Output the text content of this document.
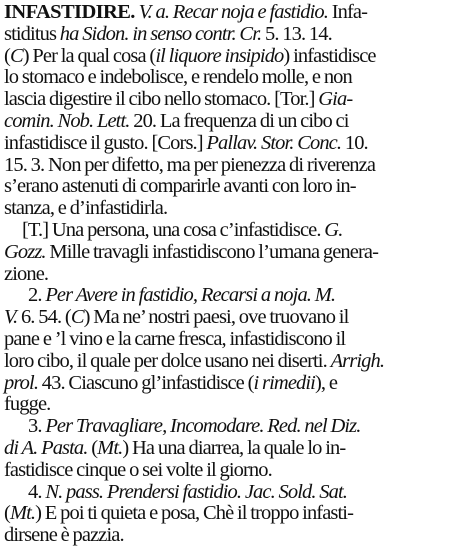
INFASTIDIRE. V. a. Recar noja e fastidio. Infa-
stiditus ha Sidon. in senso contr. Cr. 5. 13. 14.
(C) Per la qual cosa (il liquore insipido) infastidisce
lo stomaco e indebolisce, e rendelo molle, e non
lascia digestire il cibo nello stomaco. [Tor.] Gia-
comin. Nob. Lett. 20. La frequenza di un cibo ci
infastidisce il gusto. [Cors.] Pallav. Stor. Conc. 10.
15. 3. Non per difetto, ma per pienezza di riverenza
s’erano astenuti di comparirle avanti con loro in-
stanza, e d’infastidirla.
[T.] Una persona, una cosa c’infastidisce. G.
Gozz. Mille travagli infastidiscono l’umana genera-
zione.
2. Per Avere in fastidio, Recarsi a noja. M.
V. 6. 54. (C) Ma ne’ nostri paesi, ove truovano il
pane e ’l vino e la carne fresca, infastidiscono il
loro cibo, il quale per dolce usano nei diserti. Arrigh.
prol. 43. Ciascuno gl’infastidisce (i rimedii), e
fugge.
3. Per Travagliare, Incomodare. Red. nel Diz.
di A. Pasta. (Mt.) Ha una diarrea, la quale lo in-
fastidisce cinque o sei volte il giorno.
4. N. pass. Prendersi fastidio. Jac. Sold. Sat.
(Mt.) E poi ti quieta e posa, Chè il troppo infasti-
dirsene è pazzia.
